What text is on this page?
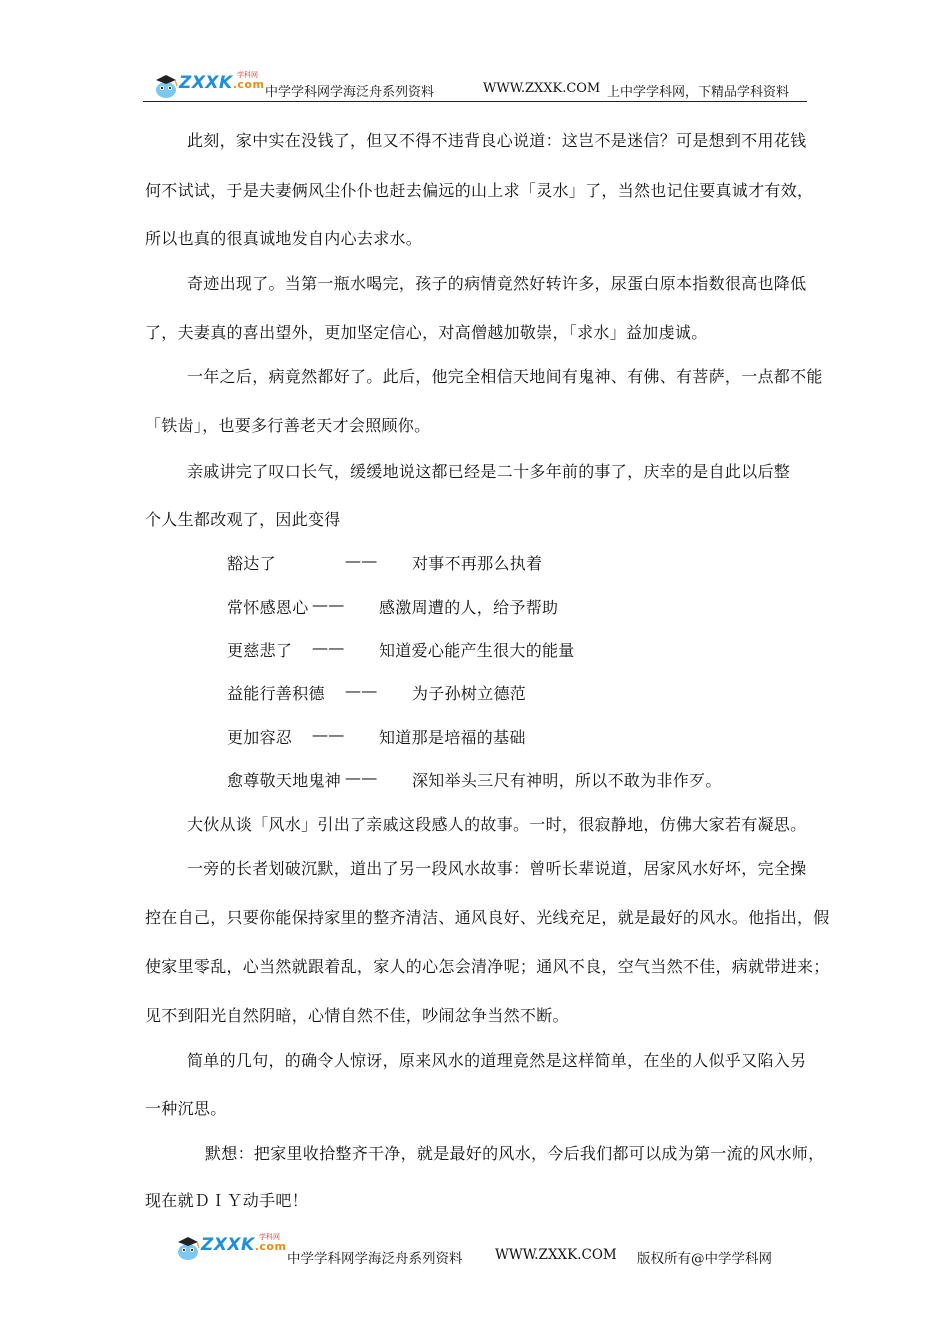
ZXXK.com
学科网
中学学科网学海泛舟系列资料	WWW.ZXXK.COM 上中学学科网，下精品学科资料

此刻，家中实在没钱了，但又不得不违背良心说道：这岂不是迷信？可是想到不用花钱

何不试试，于是夫妻俩风尘仆仆也赶去偏远的山上求「灵水」了，当然也记住要真诚才有效，

所以也真的很真诚地发自内心去求水。

奇迹出现了。当第一瓶水喝完，孩子的病情竟然好转许多，尿蛋白原本指数很高也降低

了，夫妻真的喜出望外，更加坚定信心，对高僧越加敬崇，「求水」益加虔诚。

一年之后，病竟然都好了。此后，他完全相信天地间有鬼神、有佛、有菩萨，一点都不能

「铁齿」，也要多行善老天才会照顾你。

亲戚讲完了叹口长气，缓缓地说这都已经是二十多年前的事了，庆幸的是自此以后整

个人生都改观了，因此变得

豁达了	—— 对事不再那么执着

常怀感恩心 —— 感激周遭的人，给予帮助

更慈悲了 —— 知道爱心能产生很大的能量

益能行善积德 —— 为子孙树立德范

更加容忍 —— 知道那是培福的基础

愈尊敬天地鬼神 —— 深知举头三尺有神明，所以不敢为非作歹。

大伙从谈「风水」引出了亲戚这段感人的故事。一时，很寂静地，仿佛大家若有凝思。

一旁的长者划破沉默，道出了另一段风水故事：曾听长辈说道，居家风水好坏，完全操

控在自己，只要你能保持家里的整齐清洁、通风良好、光线充足，就是最好的风水。他指出，假

使家里零乱，心当然就跟着乱，家人的心怎会清净呢；通风不良，空气当然不佳，病就带进来；

见不到阳光自然阴暗，心情自然不佳，吵闹忿争当然不断。

简单的几句，的确令人惊讶，原来风水的道理竟然是这样简单，在坐的人似乎又陷入另

一种沉思。

默想：把家里收拾整齐干净，就是最好的风水，今后我们都可以成为第一流的风水师，

现在就ＤＩＹ动手吧！

ZXXK.com
学科网
中学学科网学海泛舟系列资料 WWW.ZXXK.COM 版权所有@中学学科网
